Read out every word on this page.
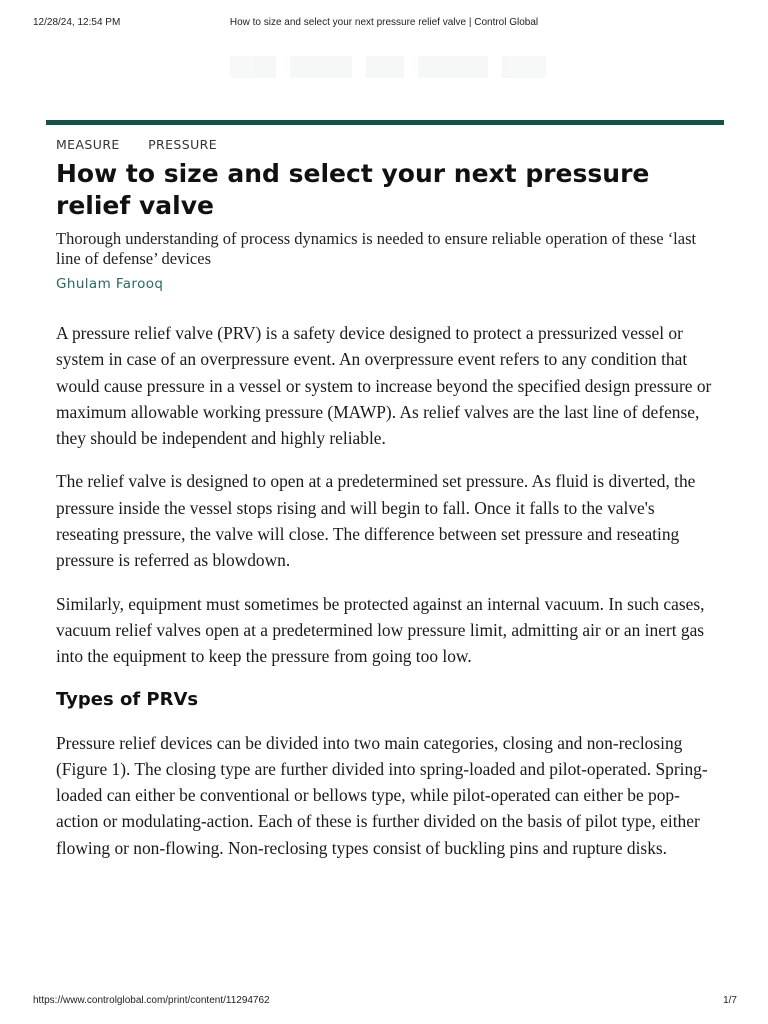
12/28/24, 12:54 PM	How to size and select your next pressure relief valve | Control Global
MEASURE PRESSURE
How to size and select your next pressure relief valve

Thorough understanding of process dynamics is needed to ensure reliable operation of these ‘last line of defense’ devices

Ghulam Farooq

A pressure relief valve (PRV) is a safety device designed to protect a pressurized vessel or system in case of an overpressure event. An overpressure event refers to any condition that would cause pressure in a vessel or system to increase beyond the specified design pressure or maximum allowable working pressure (MAWP). As relief valves are the last line of defense, they should be independent and highly reliable.

The relief valve is designed to open at a predetermined set pressure. As fluid is diverted, the pressure inside the vessel stops rising and will begin to fall. Once it falls to the valve's reseating pressure, the valve will close. The difference between set pressure and reseating pressure is referred as blowdown.

Similarly, equipment must sometimes be protected against an internal vacuum. In such cases, vacuum relief valves open at a predetermined low pressure limit, admitting air or an inert gas into the equipment to keep the pressure from going too low.

Types of PRVs

Pressure relief devices can be divided into two main categories, closing and non-reclosing (Figure 1). The closing type are further divided into spring-loaded and pilot-operated. Spring-loaded can either be conventional or bellows type, while pilot-operated can either be pop-action or modulating-action. Each of these is further divided on the basis of pilot type, either flowing or non-flowing. Non-reclosing types consist of buckling pins and rupture disks.

https://www.controlglobal.com/print/content/11294762	1/7
